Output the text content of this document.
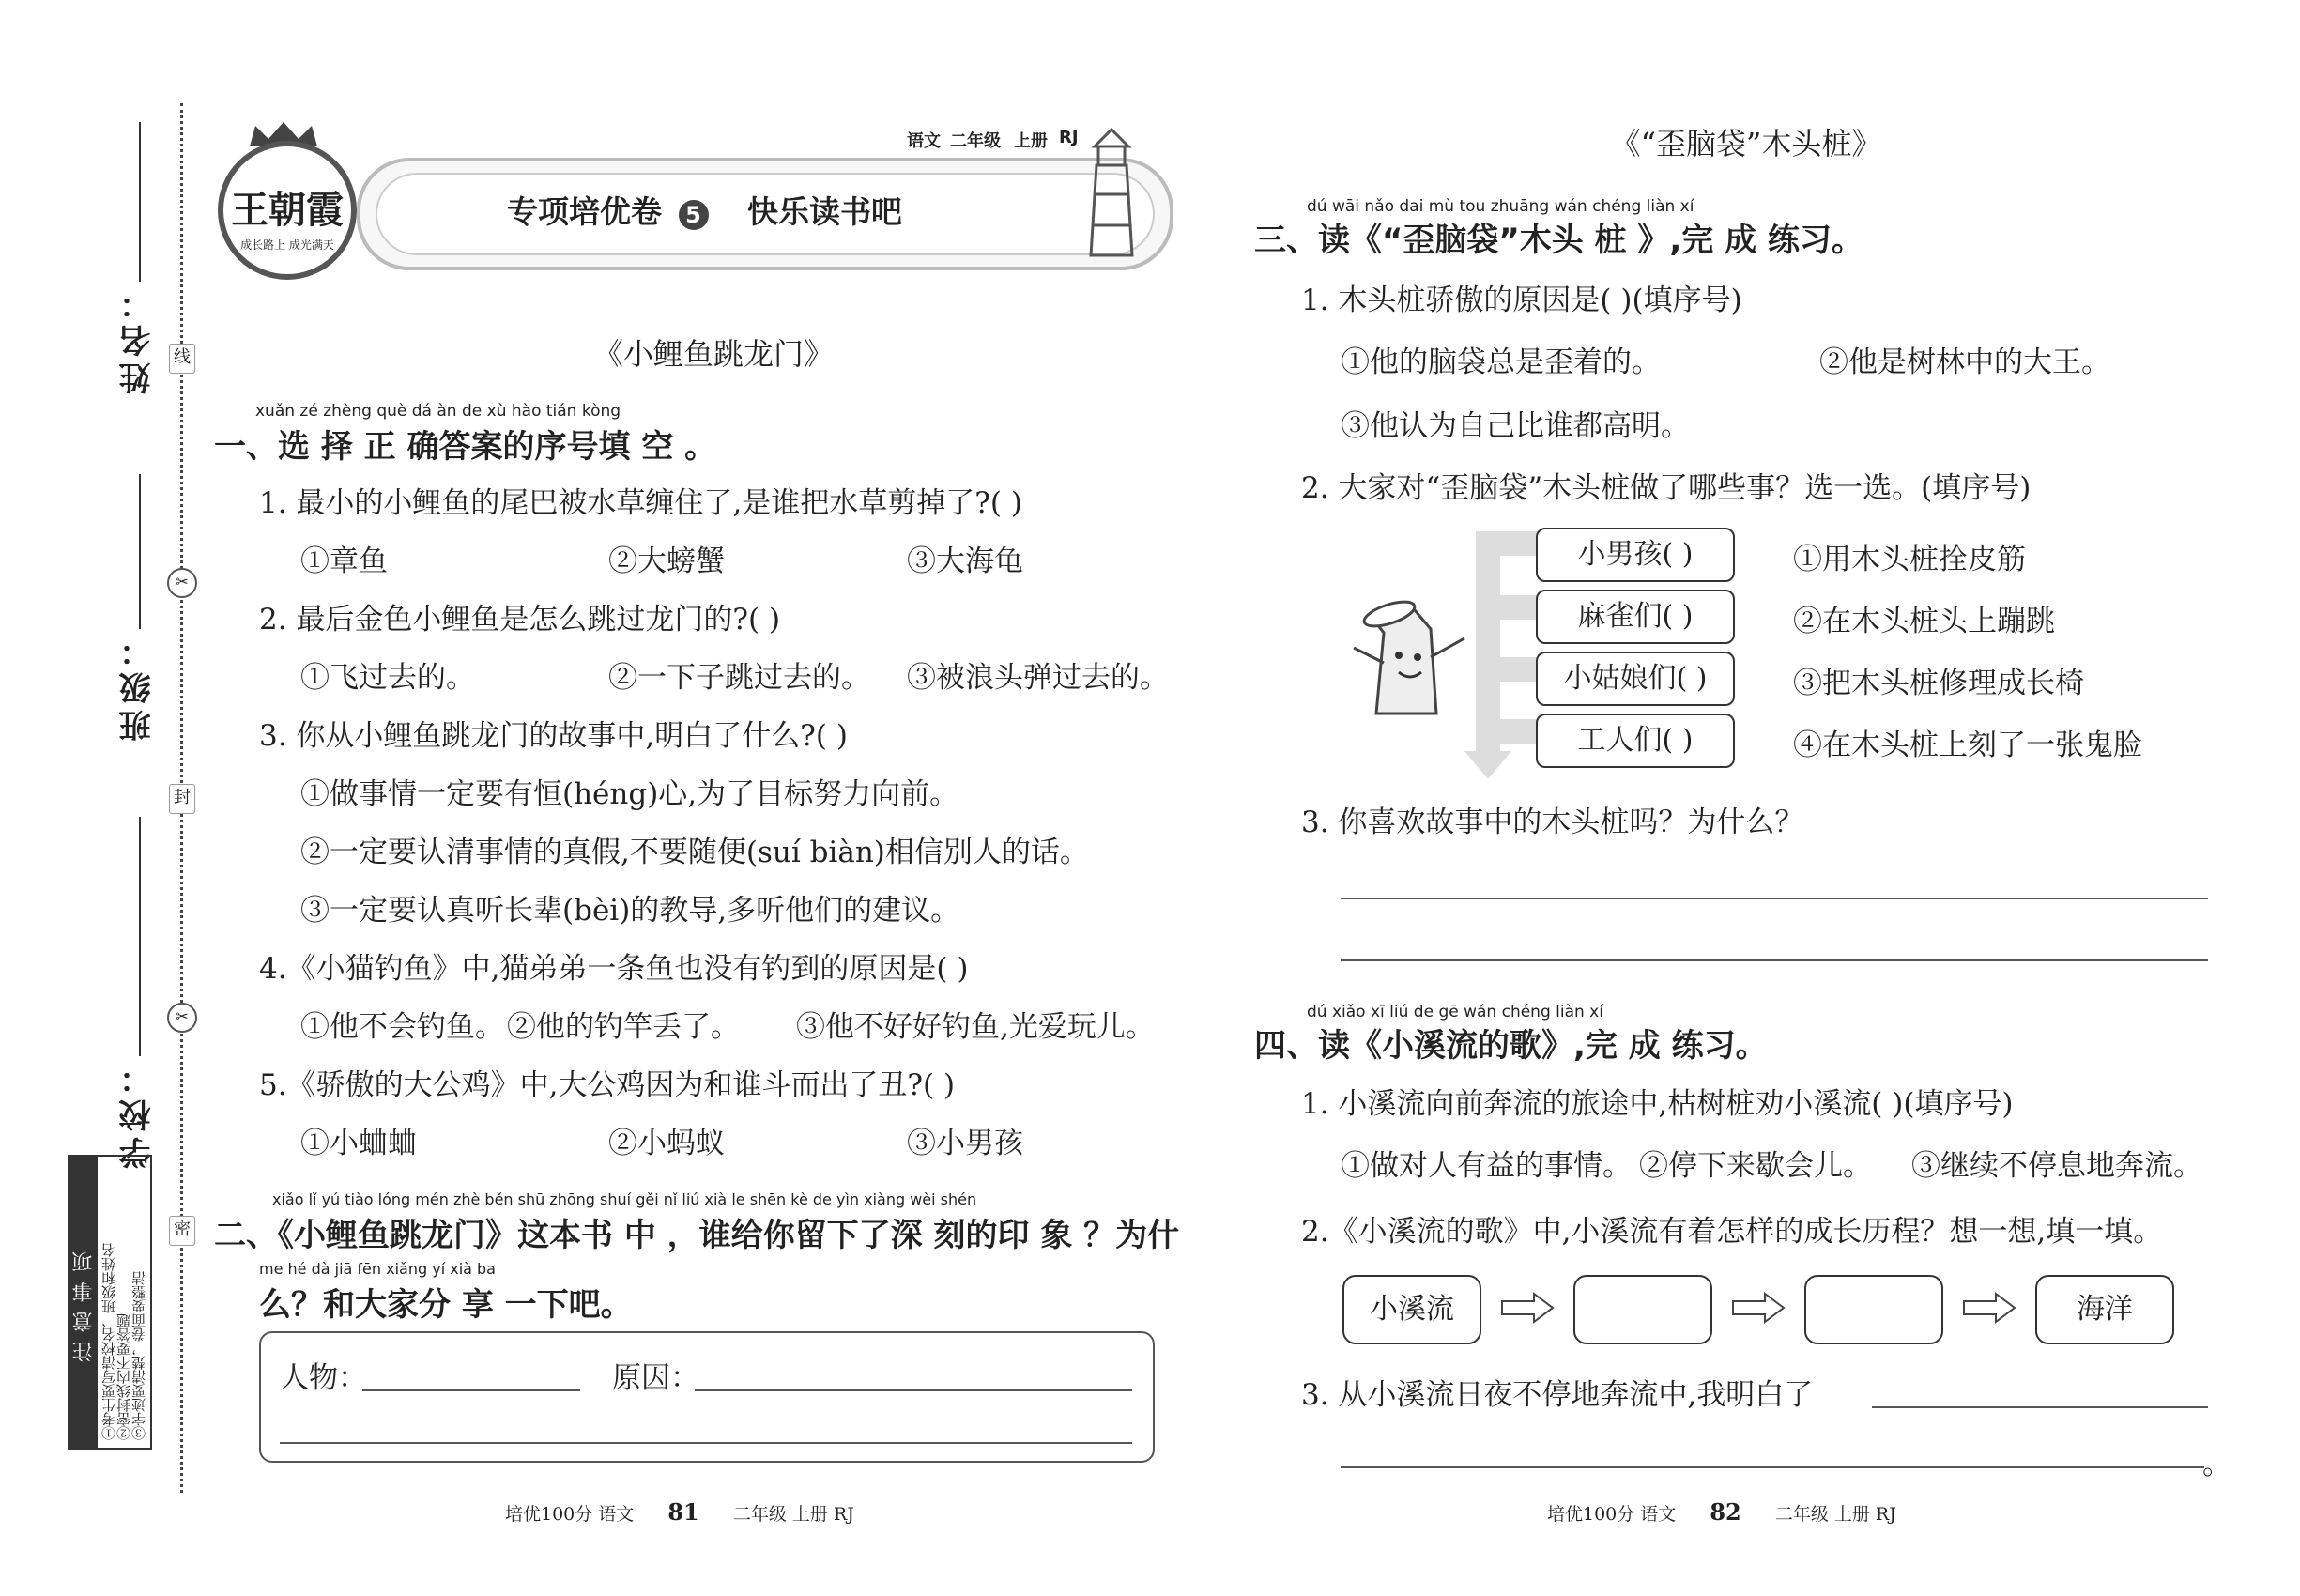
姓名：
班级：
学校：
线
✂
封
✂
密
注意事项 ①考生要写清校名、班级和姓名
②密封线内不要答题
③字迹要清楚，卷面要整洁
王朝霞
成长路上 成光满天
语文 二年级 上册 RJ
专项培优卷 5 快乐读书吧
《小鲤鱼跳龙门》
xuǎn zé zhèng què dá àn de xù hào tián kòng
一、选 择 正 确答案的序号填 空 。
1. 最小的小鲤鱼的尾巴被水草缠住了,是谁把水草剪掉了?( )
①章鱼	②大螃蟹	③大海龟
2. 最后金色小鲤鱼是怎么跳过龙门的?( )
①飞过去的。	②一下子跳过去的。 ③被浪头弹过去的。
3. 你从小鲤鱼跳龙门的故事中,明白了什么?( )
①做事情一定要有恒(héng)心,为了目标努力向前。
②一定要认清事情的真假,不要随便(suí biàn)相信别人的话。
③一定要认真听长辈(bèi)的教导,多听他们的建议。
4.《小猫钓鱼》中,猫弟弟一条鱼也没有钓到的原因是( )
①他不会钓鱼。 ②他的钓竿丢了。 ③他不好好钓鱼,光爱玩儿。
5.《骄傲的大公鸡》中,大公鸡因为和谁斗而出了丑?( )
①小蛐蛐	②小蚂蚁	③小男孩
xiǎo lǐ yú tiào lóng mén zhè běn shū zhōng shuí gěi nǐ liú xià le shēn kè de yìn xiàng wèi shén
二、《小鲤鱼跳龙门》这本书 中 ，谁给你留下了深 刻的印 象 ？为什
me hé dà jiā fēn xiǎng yí xià ba
么？和大家分 享 一下吧。
人物：	原因：
培优100分 语文 81 二年级 上册 RJ
《“歪脑袋”木头桩》
dú wāi nǎo dai mù tou zhuāng wán chéng liàn xí
三、读《“歪脑袋”木头 桩 》,完 成 练习。
1. 木头桩骄傲的原因是( )(填序号)
①他的脑袋总是歪着的。	②他是树林中的大王。
③他认为自己比谁都高明。
2. 大家对“歪脑袋”木头桩做了哪些事？选一选。(填序号)
小男孩( )
麻雀们( )
小姑娘们( )
工人们( )
①用木头桩拴皮筋
②在木头桩头上蹦跳
③把木头桩修理成长椅
④在木头桩上刻了一张鬼脸
3. 你喜欢故事中的木头桩吗？为什么？
dú xiǎo xī liú de gē wán chéng liàn xí
四、读《小溪流的歌》,完 成 练习。
1. 小溪流向前奔流的旅途中,枯树桩劝小溪流( )(填序号)
①做对人有益的事情。 ②停下来歇会儿。 ③继续不停息地奔流。
2.《小溪流的歌》中,小溪流有着怎样的成长历程？想一想,填一填。
小溪流	海洋
3. 从小溪流日夜不停地奔流中,我明白了
。
培优100分 语文 82 二年级 上册 RJ
